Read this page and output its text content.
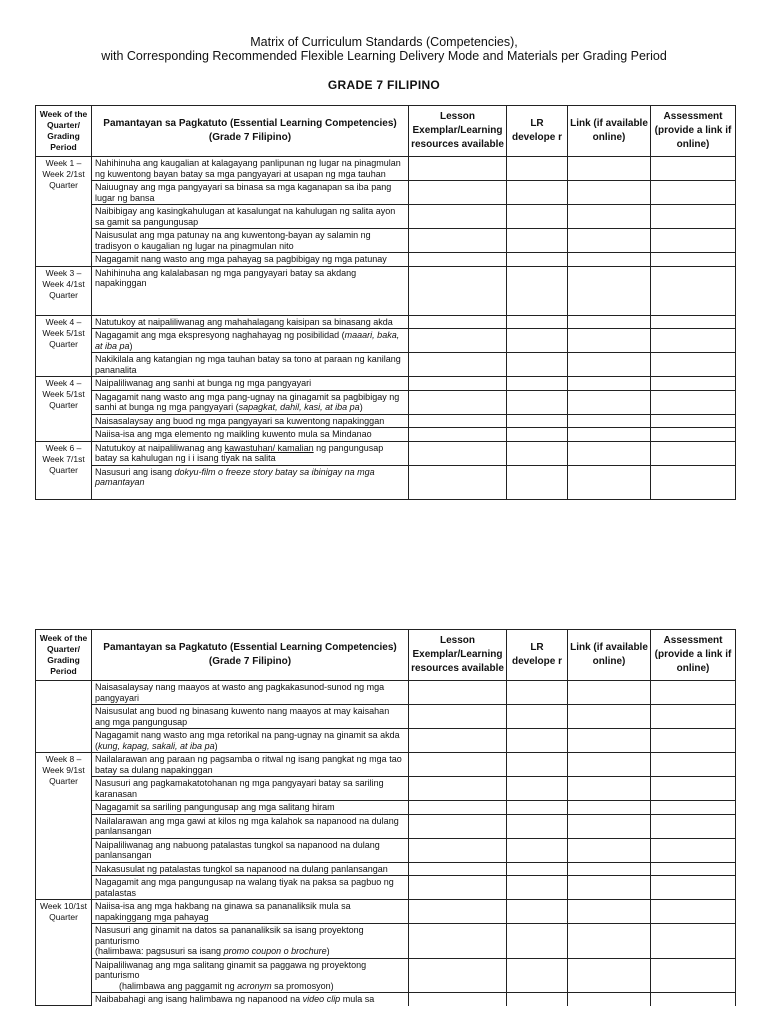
Matrix of Curriculum Standards (Competencies),
with Corresponding Recommended Flexible Learning Delivery Mode and Materials per Grading Period
GRADE 7 FILIPINO
Week of the Quarter/ Grading Period	Pamantayan sa Pagkatuto (Essential Learning Competencies) (Grade 7 Filipino)	Lesson Exemplar/Learning resources available	LR develope r	Link (if available online)	Assessment (provide a link if online)
Week 1 – Week 2/1st Quarter	Nahihinuha ang kaugalian at kalagayang panlipunan ng lugar na pinagmulan ng kuwentong bayan batay sa mga pangyayari at usapan ng mga tauhan				
	Naiuugnay ang mga pangyayari sa binasa sa mga kaganapan sa iba pang lugar ng bansa				
	Naibibigay ang kasingkahulugan at kasalungat na kahulugan ng salita ayon sa gamit sa pangungusap				
	Naisusulat ang mga patunay na ang kuwentong-bayan ay salamin ng tradisyon o kaugalian ng lugar na pinagmulan nito				
	Nagagamit nang wasto ang mga pahayag sa pagbibigay ng mga patunay				
Week 3 – Week 4/1st Quarter	Nahihinuha ang kalalabasan ng mga pangyayari batay sa akdang napakinggan				
Week 4 – Week 5/1st Quarter	Natutukoy at naipaliliwanag ang mahahalagang kaisipan sa binasang akda				
	Nagagamit ang mga ekspresyong naghahayag ng posibilidad (maaari, baka, at iba pa)				
	Nakikilala ang katangian ng mga tauhan batay sa tono at paraan ng kanilang pananalita				
Week 4 – Week 5/1st Quarter	Naipaliliwanag ang sanhi at bunga ng mga pangyayari				
	Nagagamit nang wasto ang mga pang-ugnay na ginagamit sa pagbibigay ng sanhi at bunga ng mga pangyayari (sapagkat, dahil, kasi, at iba pa)				
	Naisasalaysay ang buod ng mga pangyayari sa kuwentong napakinggan				
	Naiisa-isa ang mga elemento ng maikling kuwento mula sa Mindanao				
Week 6 – Week 7/1st Quarter	Natutukoy at naipaliliwanag ang kawastuhan/ kamalian ng pangungusap batay sa kahulugan ng i i isang tiyak na salita				
	Nasusuri ang isang dokyu-film o freeze story batay sa ibinigay na mga pamantayan				
Week of the Quarter/ Grading Period	Pamantayan sa Pagkatuto (Essential Learning Competencies) (Grade 7 Filipino)	Lesson Exemplar/Learning resources available	LR develope r	Link (if available online)	Assessment (provide a link if online)
	Naisasalaysay nang maayos at wasto ang pagkakasunod-sunod ng mga pangyayari				
	Naisusulat ang buod ng binasang kuwento nang maayos at may kaisahan ang mga pangungusap				
	Nagagamit nang wasto ang mga retorikal na pang-ugnay na ginamit sa akda (kung, kapag, sakali, at iba pa)				
Week 8 – Week 9/1st Quarter	Nailalarawan ang paraan ng pagsamba o ritwal ng isang pangkat ng mga tao batay sa dulang napakinggan				
	Nasusuri ang pagkamakatotohanan ng mga pangyayari batay sa sariling karanasan				
	Nagagamit sa sariling pangungusap ang mga salitang hiram				
	Nailalarawan ang mga gawi at kilos ng mga kalahok sa napanood na dulang panlansangan				
	Naipaliliwanag ang nabuong patalastas tungkol sa napanood na dulang panlansangan				
	Nakasusulat ng patalastas tungkol sa napanood na dulang panlansangan				
	Nagagamit ang mga pangungusap na walang tiyak na paksa sa pagbuo ng patalastas				
Week 10/1st Quarter	Naiisa-isa ang mga hakbang na ginawa sa pananaliksik mula sa napakinggang mga pahayag				
	Nasusuri ang ginamit na datos sa pananaliksik sa isang proyektong panturismo
(halimbawa: pagsusuri sa isang promo coupon o brochure)				
	Naipaliliwanag ang mga salitang ginamit sa paggawa ng proyektong panturismo
(halimbawa ang paggamit ng acronym sa promosyon)				
	Naibabahagi ang isang halimbawa ng napanood na video clip mula sa				
